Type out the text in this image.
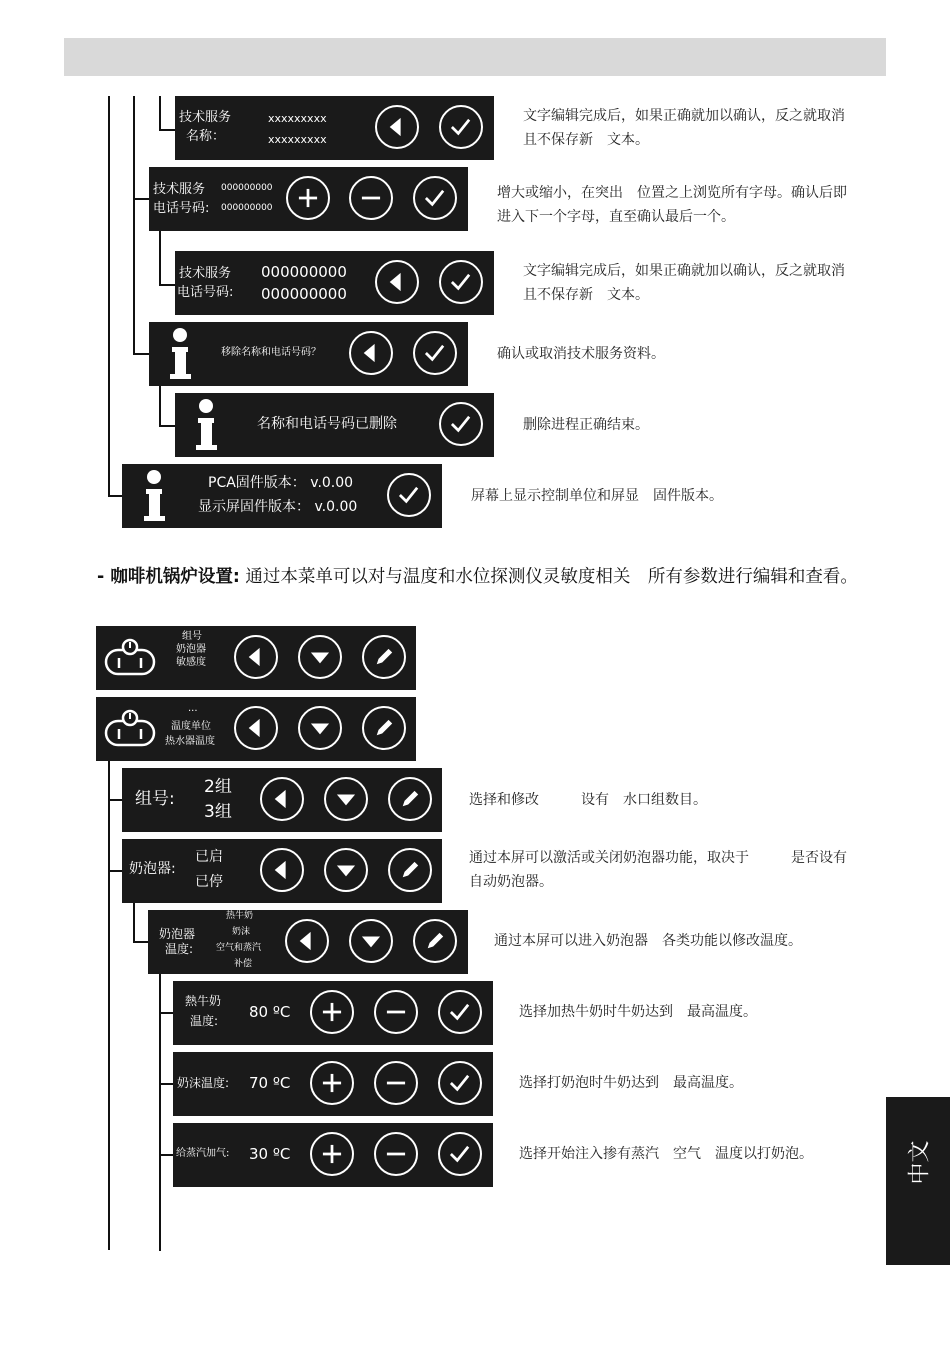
技术服务
名称：
xxxxxxxxx
xxxxxxxxx
文字编辑完成后，如果正确就加以确认，反之就取消且不保存新　文本。
技术服务
电话号码:
000000000
000000000
增大或缩小，在突出　位置之上浏览所有字母。确认后即进入下一个字母，直至确认最后一个。
技术服务
电话号码:
000000000
000000000
文字编辑完成后，如果正确就加以确认，反之就取消且不保存新　文本。
移除名称和电话号码？	确认或取消技术服务资料。
名称和电话号码已删除	删除进程正确结束。
PCA固件版本： v.0.00
显示屏固件版本： v.0.00
屏幕上显示控制单位和屏显　固件版本。
- 咖啡机锅炉设置: 通过本菜单可以对与温度和水位探测仪灵敏度相关　所有参数进行编辑和查看。
组号
奶泡器
敏感度
...
温度单位
热水器温度
组号:
2组
3组
选择和修改　　　设有　水口组数目。
奶泡器:
已启
已停
通过本屏可以激活或关闭奶泡器功能，取决于　　　是否设有自动奶泡器。
奶泡器
温度:
热牛奶
奶沫
空气和蒸汽
补偿
通过本屏可以进入奶泡器　各类功能以修改温度。
熱牛奶
温度: 80 ºC	选择加热牛奶时牛奶达到　最高温度。
奶沫温度: 70 ºC	选择打奶泡时牛奶达到　最高温度。
给蒸汽加气: 30 ºC	选择开始注入掺有蒸汽　空气　温度以打奶泡。	中文
